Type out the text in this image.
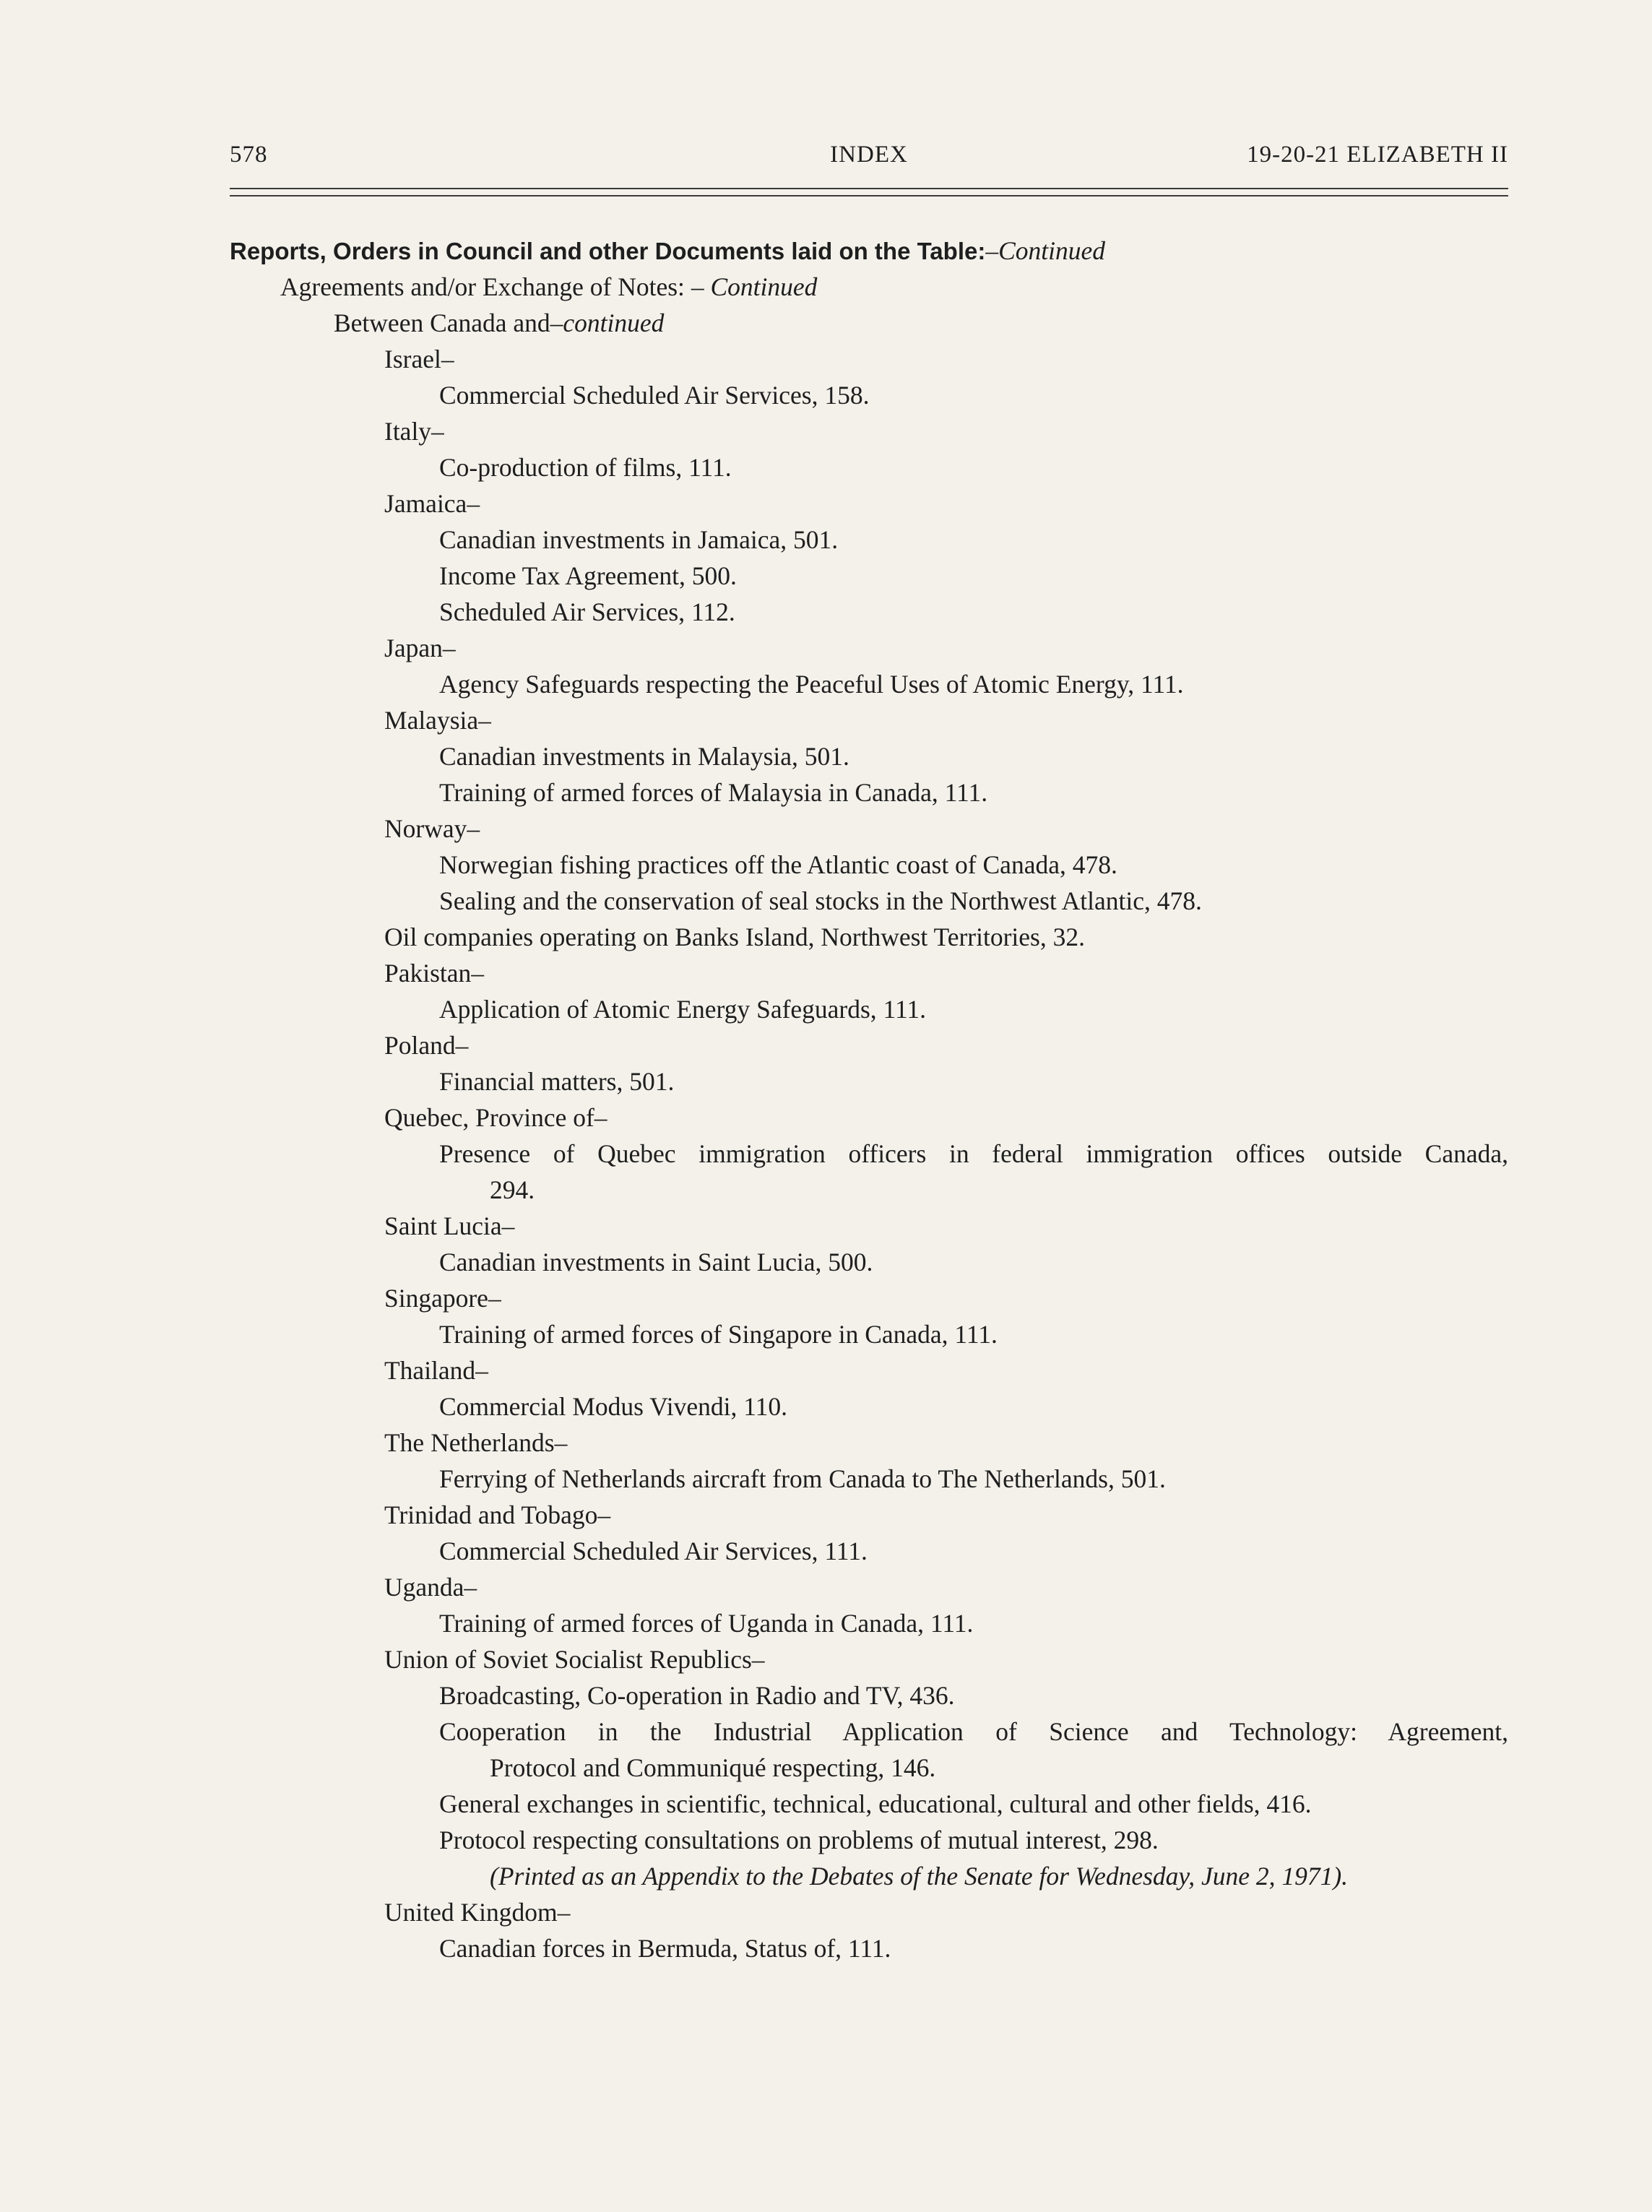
578	INDEX	19-20-21 ELIZABETH II
Reports, Orders in Council and other Documents laid on the Table:–Continued
Agreements and/or Exchange of Notes: – Continued
Between Canada and–continued
Israel–
Commercial Scheduled Air Services, 158.
Italy–
Co-production of films, 111.
Jamaica–
Canadian investments in Jamaica, 501.
Income Tax Agreement, 500.
Scheduled Air Services, 112.
Japan–
Agency Safeguards respecting the Peaceful Uses of Atomic Energy, 111.
Malaysia–
Canadian investments in Malaysia, 501.
Training of armed forces of Malaysia in Canada, 111.
Norway–
Norwegian fishing practices off the Atlantic coast of Canada, 478.
Sealing and the conservation of seal stocks in the Northwest Atlantic, 478.
Oil companies operating on Banks Island, Northwest Territories, 32.
Pakistan–
Application of Atomic Energy Safeguards, 111.
Poland–
Financial matters, 501.
Quebec, Province of–
Presence of Quebec immigration officers in federal immigration offices outside Canada,
294.
Saint Lucia–
Canadian investments in Saint Lucia, 500.
Singapore–
Training of armed forces of Singapore in Canada, 111.
Thailand–
Commercial Modus Vivendi, 110.
The Netherlands–
Ferrying of Netherlands aircraft from Canada to The Netherlands, 501.
Trinidad and Tobago–
Commercial Scheduled Air Services, 111.
Uganda–
Training of armed forces of Uganda in Canada, 111.
Union of Soviet Socialist Republics–
Broadcasting, Co-operation in Radio and TV, 436.
Cooperation in the Industrial Application of Science and Technology: Agreement,
Protocol and Communiqué respecting, 146.
General exchanges in scientific, technical, educational, cultural and other fields, 416.
Protocol respecting consultations on problems of mutual interest, 298.
(Printed as an Appendix to the Debates of the Senate for Wednesday, June 2, 1971).
United Kingdom–
Canadian forces in Bermuda, Status of, 111.
